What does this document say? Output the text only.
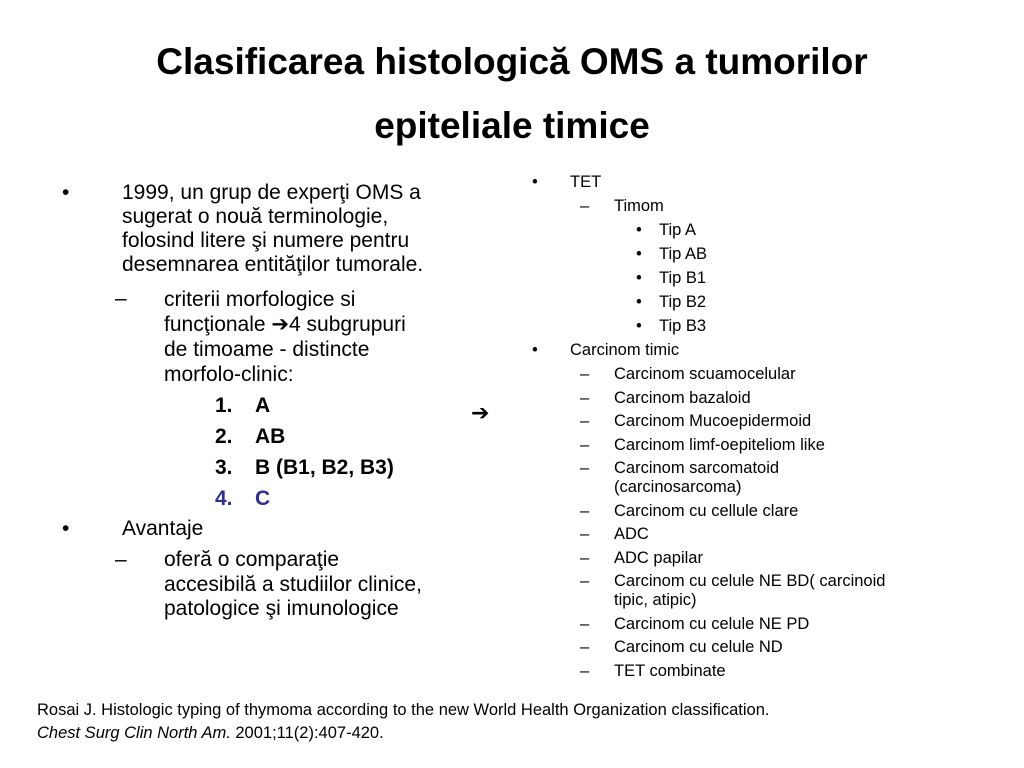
Clasificarea histologică OMS a tumorilor
epiteliale timice
•	1999, un grup de experţi OMS a
sugerat o nouă terminologie,
folosind litere şi numere pentru
desemnarea entităţilor tumorale.
– criterii morfologice si
funcţionale ➔4 subgrupuri
de timoame - distincte
morfolo-clinic:
1. A
2. AB
3. B (B1, B2, B3)
4. C
•	Avantaje
– oferă o comparaţie
accesibilă a studiilor clinice,
patologice şi imunologice
➔
• TET
– Timom
• Tip A
• Tip AB
• Tip B1
• Tip B2
• Tip B3
• Carcinom timic
– Carcinom scuamocelular
– Carcinom bazaloid
– Carcinom Mucoepidermoid
– Carcinom limf-oepiteliom like
– Carcinom sarcomatoid
(carcinosarcoma)
– Carcinom cu cellule clare
– ADC
– ADC papilar
– Carcinom cu celule NE BD( carcinoid
tipic, atipic)
– Carcinom cu celule NE PD
– Carcinom cu celule ND
– TET combinate
Rosai J. Histologic typing of thymoma according to the new World Health Organization classification.
Chest Surg Clin North Am. 2001;11(2):407-420.
